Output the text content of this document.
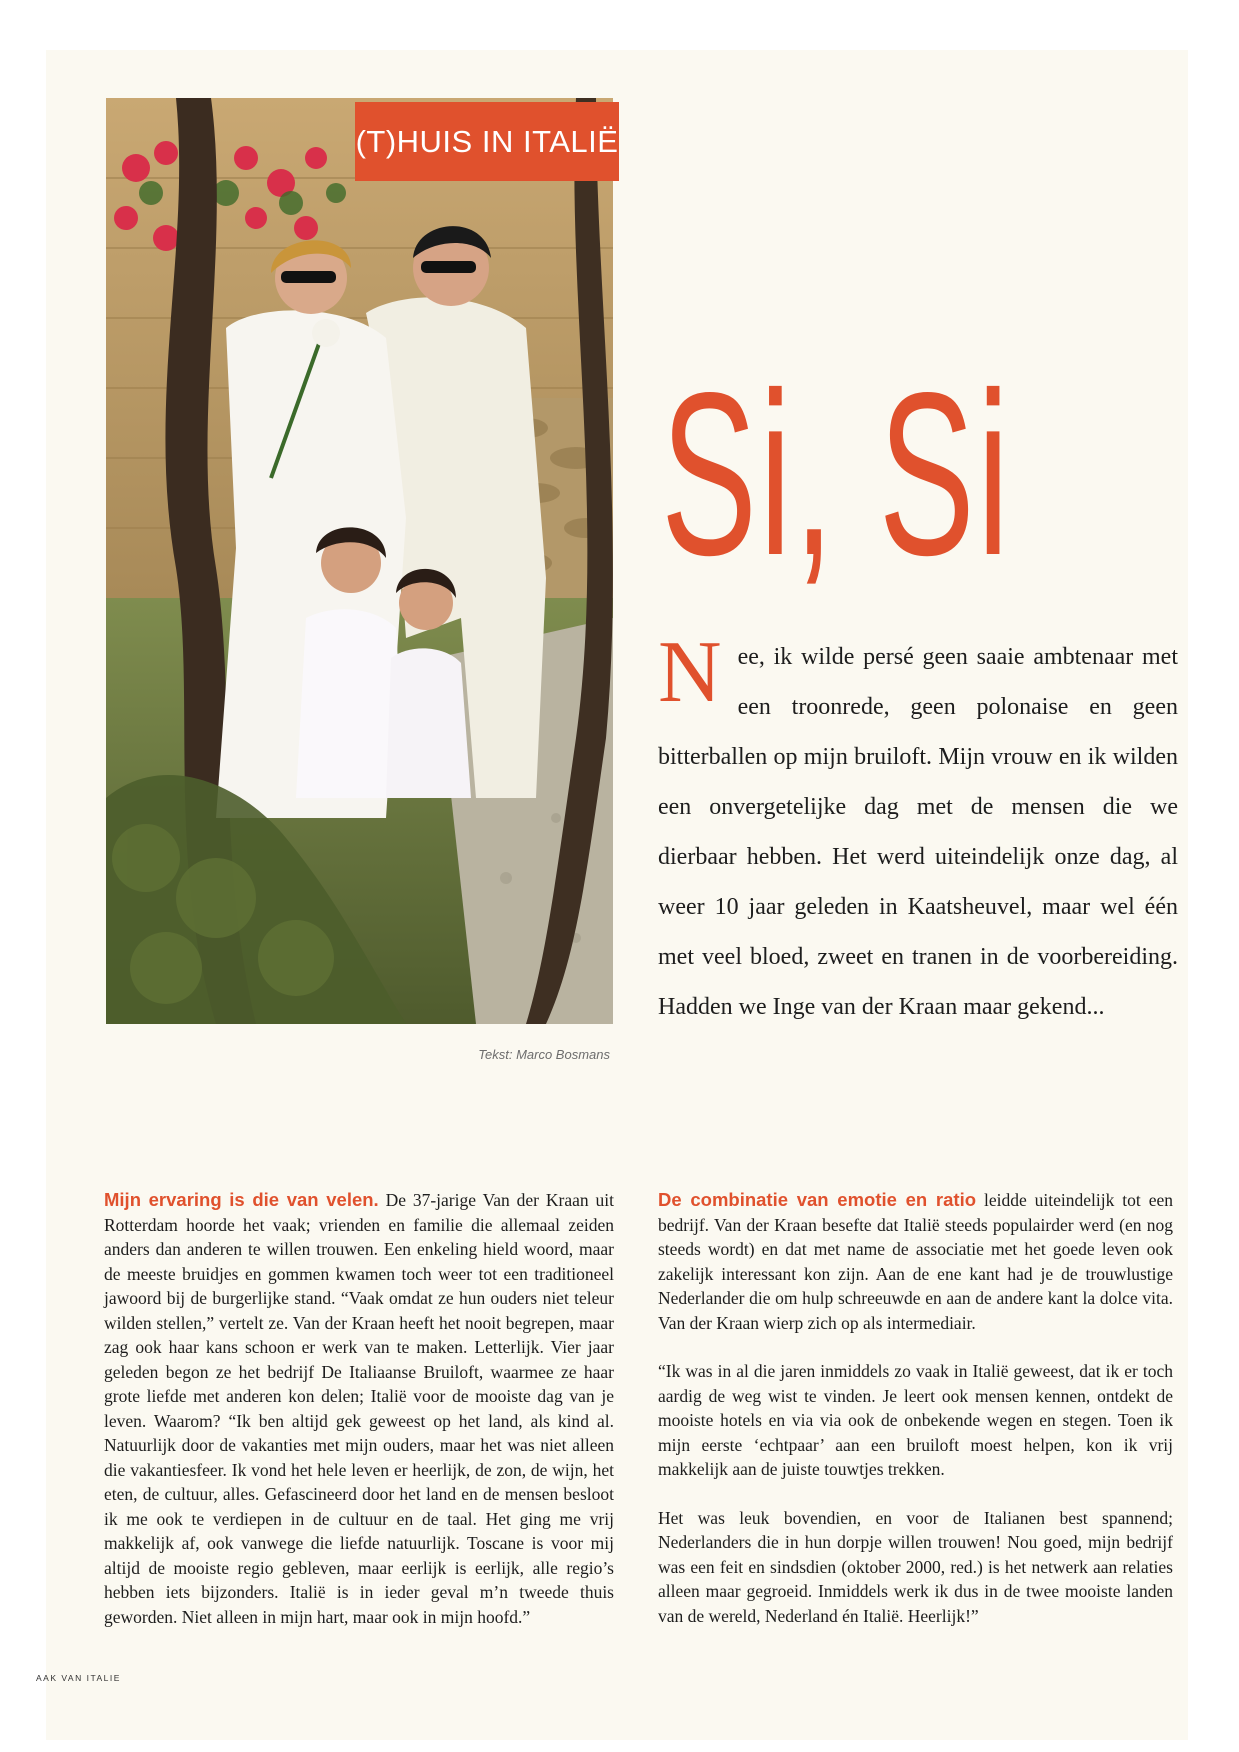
(T)HUIS IN ITALIË
Tekst: Marco Bosmans
Si, Si

Nee, ik wilde persé geen saaie ambtenaar met een troonrede, geen polonaise en geen bitterballen op mijn bruiloft. Mijn vrouw en ik wilden een onvergetelijke dag met de mensen die we dierbaar hebben. Het werd uiteindelijk onze dag, al weer 10 jaar geleden in Kaatsheuvel, maar wel één met veel bloed, zweet en tranen in de voorbereiding. Hadden we Inge van der Kraan maar gekend...

Mijn ervaring is die van velen. De 37-jarige Van der Kraan uit Rotterdam hoorde het vaak; vrienden en familie die allemaal zeiden anders dan anderen te willen trouwen. Een enkeling hield woord, maar de meeste bruidjes en gommen kwamen toch weer tot een traditioneel jawoord bij de burgerlijke stand. “Vaak omdat ze hun ouders niet teleur wilden stellen,” vertelt ze. Van der Kraan heeft het nooit begrepen, maar zag ook haar kans schoon er werk van te maken. Letterlijk. Vier jaar geleden begon ze het bedrijf De Italiaanse Bruiloft, waarmee ze haar grote liefde met anderen kon delen; Italië voor de mooiste dag van je leven. Waarom? “Ik ben altijd gek geweest op het land, als kind al. Natuurlijk door de vakanties met mijn ouders, maar het was niet alleen die vakantiesfeer. Ik vond het hele leven er heerlijk, de zon, de wijn, het eten, de cultuur, alles. Gefascineerd door het land en de mensen besloot ik me ook te verdiepen in de cultuur en de taal. Het ging me vrij makkelijk af, ook vanwege die liefde natuurlijk. Toscane is voor mij altijd de mooiste regio gebleven, maar eerlijk is eerlijk, alle regio’s hebben iets bijzonders. Italië is in ieder geval m’n tweede thuis geworden. Niet alleen in mijn hart, maar ook in mijn hoofd.”

De combinatie van emotie en ratio leidde uiteindelijk tot een bedrijf. Van der Kraan besefte dat Italië steeds populairder werd (en nog steeds wordt) en dat met name de associatie met het goede leven ook zakelijk interessant kon zijn. Aan de ene kant had je de trouwlustige Nederlander die om hulp schreeuwde en aan de andere kant la dolce vita. Van der Kraan wierp zich op als intermediair.

“Ik was in al die jaren inmiddels zo vaak in Italië geweest, dat ik er toch aardig de weg wist te vinden. Je leert ook mensen kennen, ontdekt de mooiste hotels en via via ook de onbekende wegen en stegen. Toen ik mijn eerste ‘echtpaar’ aan een bruiloft moest helpen, kon ik vrij makkelijk aan de juiste touwtjes trekken.

Het was leuk bovendien, en voor de Italianen best spannend; Nederlanders die in hun dorpje willen trouwen! Nou goed, mijn bedrijf was een feit en sindsdien (oktober 2000, red.) is het netwerk aan relaties alleen maar gegroeid. Inmiddels werk ik dus in de twee mooiste landen van de wereld, Nederland én Italië. Heerlijk!”

AAK VAN ITALIE
